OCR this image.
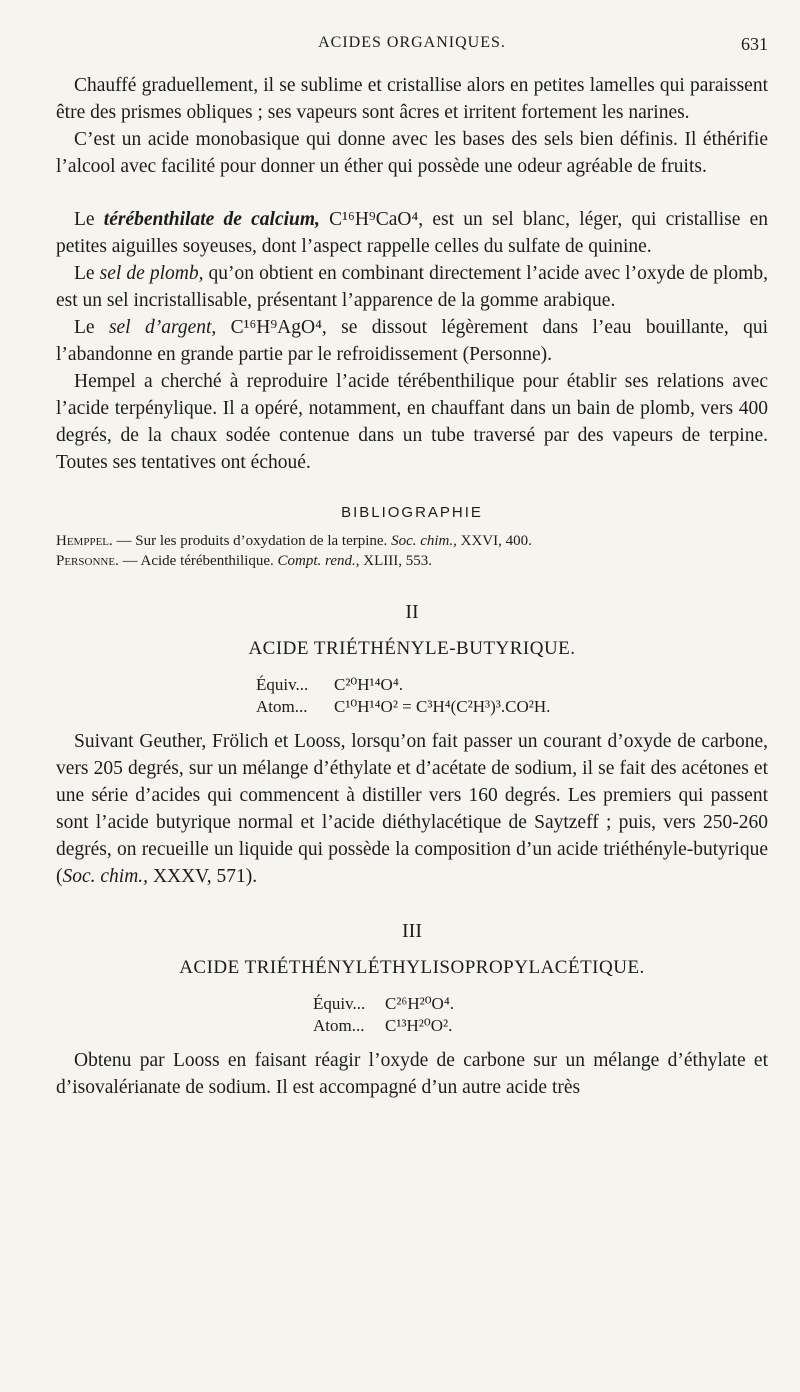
ACIDES ORGANIQUES.	631

Chauffé graduellement, il se sublime et cristallise alors en petites lamelles qui paraissent être des prismes obliques ; ses vapeurs sont âcres et irritent fortement les narines.

C’est un acide monobasique qui donne avec les bases des sels bien définis. Il éthérifie l’alcool avec facilité pour donner un éther qui possède une odeur agréable de fruits.

Le térébenthilate de calcium, C¹⁶H⁹CaO⁴, est un sel blanc, léger, qui cristallise en petites aiguilles soyeuses, dont l’aspect rappelle celles du sulfate de quinine.

Le sel de plomb, qu’on obtient en combinant directement l’acide avec l’oxyde de plomb, est un sel incristallisable, présentant l’apparence de la gomme arabique.

Le sel d’argent, C¹⁶H⁹AgO⁴, se dissout légèrement dans l’eau bouillante, qui l’abandonne en grande partie par le refroidissement (Personne).

Hempel a cherché à reproduire l’acide térébenthilique pour établir ses relations avec l’acide terpénylique. Il a opéré, notamment, en chauffant dans un bain de plomb, vers 400 degrés, de la chaux sodée contenue dans un tube traversé par des vapeurs de terpine. Toutes ses tentatives ont échoué.

BIBLIOGRAPHIE

Hemppel. — Sur les produits d’oxydation de la terpine. Soc. chim., XXVI, 400.

Personne. — Acide térébenthilique. Compt. rend., XLIII, 553.

II
ACIDE TRIÉTHÉNYLE-BUTYRIQUE.
Équiv... C²⁰H¹⁴O⁴.
Atom... C¹⁰H¹⁴O² = C³H⁴(C²H³)³.CO²H.

Suivant Geuther, Frölich et Looss, lorsqu’on fait passer un courant d’oxyde de carbone, vers 205 degrés, sur un mélange d’éthylate et d’acétate de sodium, il se fait des acétones et une série d’acides qui commencent à distiller vers 160 degrés. Les premiers qui passent sont l’acide butyrique normal et l’acide diéthylacétique de Saytzeff ; puis, vers 250-260 degrés, on recueille un liquide qui possède la composition d’un acide triéthényle-butyrique (Soc. chim., XXXV, 571).

III
ACIDE TRIÉTHÉNYLÉTHYLISOPROPYLACÉTIQUE.
Équiv... C²⁶H²⁰O⁴.
Atom... C¹³H²⁰O².

Obtenu par Looss en faisant réagir l’oxyde de carbone sur un mélange d’éthylate et d’isovalérianate de sodium. Il est accompagné d’un autre acide très
